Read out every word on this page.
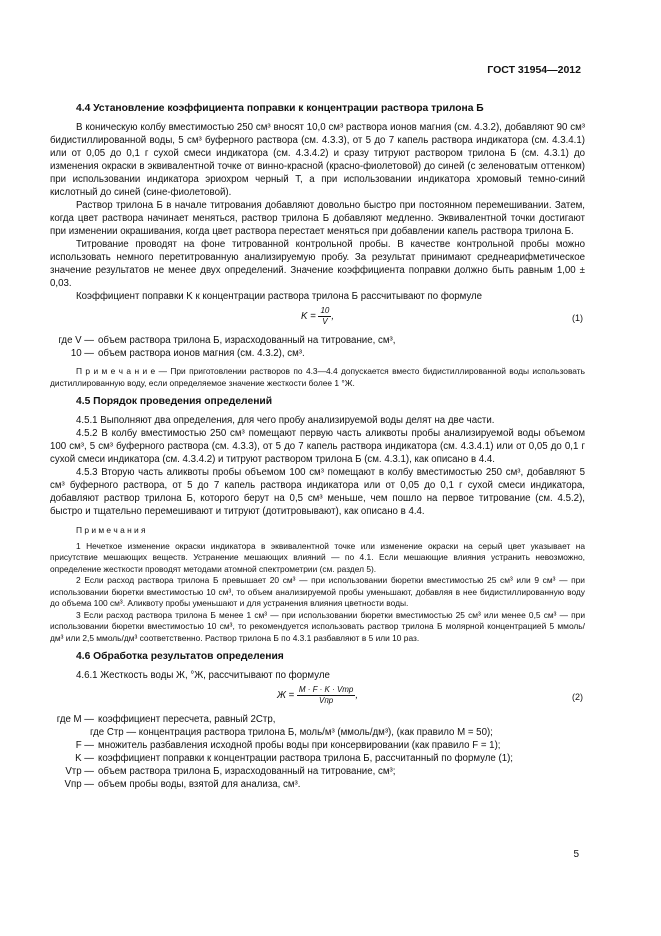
ГОСТ 31954—2012
4.4 Установление коэффициента поправки к концентрации раствора трилона Б

В коническую колбу вместимостью 250 см³ вносят 10,0 см³ раствора ионов магния (см. 4.3.2), добавляют 90 см³ бидистиллированной воды, 5 см³ буферного раствора (см. 4.3.3), от 5 до 7 капель раствора индикатора (см. 4.3.4.1) или от 0,05 до 0,1 г сухой смеси индикатора (см. 4.3.4.2) и сразу титруют раствором трилона Б (см. 4.3.1) до изменения окраски в эквивалентной точке от винно-красной (красно-фиолетовой) до синей (с зеленоватым оттенком) при использовании индикатора эриохром черный Т, а при использовании индикатора хромовый темно-синий кислотный до синей (сине-фиолетовой).

Раствор трилона Б в начале титрования добавляют довольно быстро при постоянном перемешивании. Затем, когда цвет раствора начинает меняться, раствор трилона Б добавляют медленно. Эквивалентной точки достигают при изменении окрашивания, когда цвет раствора перестает меняться при добавлении капель раствора трилона Б.

Титрование проводят на фоне титрованной контрольной пробы. В качестве контрольной пробы можно использовать немного перетитрованную анализируемую пробу. За результат принимают среднеарифметическое значение результатов не менее двух определений. Значение коэффициента поправки должно быть равным 1,00 ± 0,03.

Коэффициент поправки K к концентрации раствора трилона Б рассчитывают по формуле

$K = \frac{10}{V}$ ,	(1)
где V — объем раствора трилона Б, израсходованный на титрование, см³,
10 — объем раствора ионов магния (см. 4.3.2), см³.

П р и м е ч а н и е — При приготовлении растворов по 4.3—4.4 допускается вместо бидистиллированной воды использовать дистиллированную воду, если определяемое значение жесткости более 1 °Ж.

4.5 Порядок проведения определений

4.5.1 Выполняют два определения, для чего пробу анализируемой воды делят на две части.

4.5.2 В колбу вместимостью 250 см³ помещают первую часть аликвоты пробы анализируемой воды объемом 100 см³, 5 см³ буферного раствора (см. 4.3.3), от 5 до 7 капель раствора индикатора (см. 4.3.4.1) или от 0,05 до 0,1 г сухой смеси индикатора (см. 4.3.4.2) и титруют раствором трилона Б (см. 4.3.1), как описано в 4.4.

4.5.3 Вторую часть аликвоты пробы объемом 100 см³ помещают в колбу вместимостью 250 см³, добавляют 5 см³ буферного раствора, от 5 до 7 капель раствора индикатора или от 0,05 до 0,1 г сухой смеси индикатора, добавляют раствор трилона Б, которого берут на 0,5 см³ меньше, чем пошло на первое титрование (см. 4.5.2), быстро и тщательно перемешивают и титруют (дотитровывают), как описано в 4.4.

П р и м е ч а н и я

1 Нечеткое изменение окраски индикатора в эквивалентной точке или изменение окраски на серый цвет указывает на присутствие мешающих веществ. Устранение мешающих влияний — по 4.1. Если мешающие влияния устранить невозможно, определение жесткости проводят методами атомной спектрометрии (см. раздел 5).

2 Если расход раствора трилона Б превышает 20 см³ — при использовании бюретки вместимостью 25 см³ или 9 см³ — при использовании бюретки вместимостью 10 см³, то объем анализируемой пробы уменьшают, добавляя в нее бидистиллированную воду до объема 100 см³. Аликвоту пробы уменьшают и для устранения влияния цветности воды.

3 Если расход раствора трилона Б менее 1 см³ — при использовании бюретки вместимостью 25 см³ или менее 0,5 см³ — при использовании бюретки вместимостью 10 см³, то рекомендуется использовать раствор трилона Б молярной концентрацией 5 ммоль/дм³ или 2,5 ммоль/дм³ соответственно. Раствор трилона Б по 4.3.1 разбавляют в 5 или 10 раз.

4.6 Обработка результатов определения

4.6.1 Жесткость воды Ж, °Ж, рассчитывают по формуле

$Ж = \frac{\text{M · F · K · Vтр}}{\text{Vпр}}$ ,	(2)
где M — коэффициент пересчета, равный 2Cтр,
где Cтр — концентрация раствора трилона Б, моль/м³ (ммоль/дм³), (как правило M = 50);
F — множитель разбавления исходной пробы воды при консервировании (как правило F = 1);
K — коэффициент поправки к концентрации раствора трилона Б, рассчитанный по формуле (1);
Vтр — объем раствора трилона Б, израсходованный на титрование, см³;
Vпр — объем пробы воды, взятой для анализа, см³.
5
